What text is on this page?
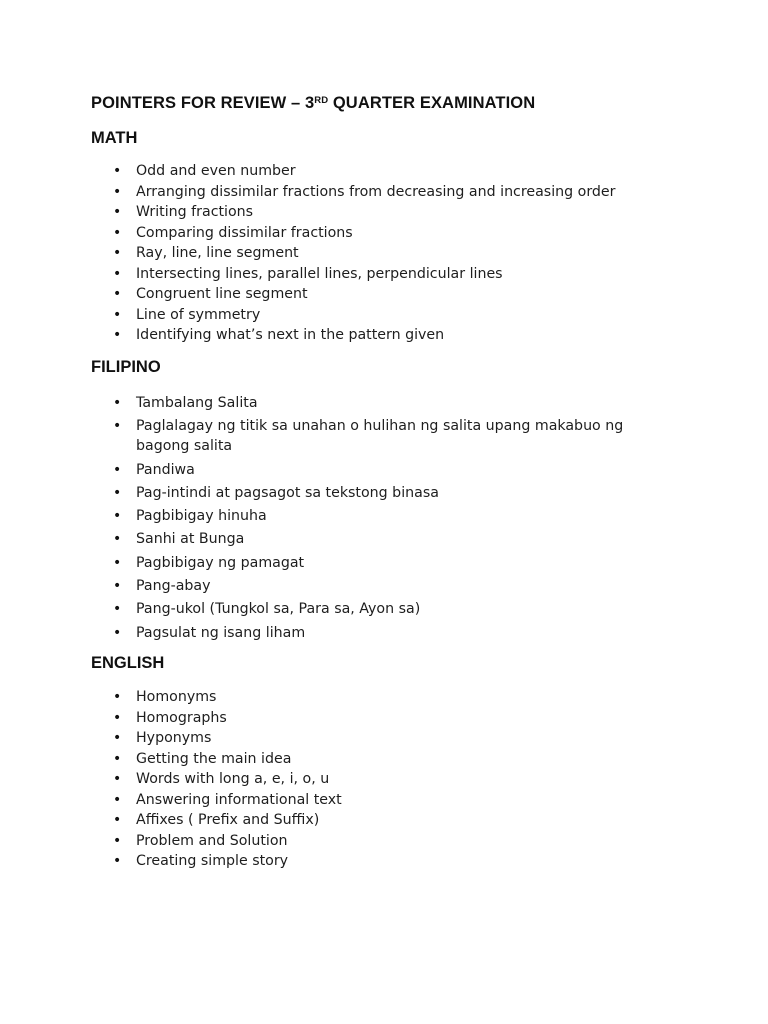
POINTERS FOR REVIEW – 3RD QUARTER EXAMINATION
MATH
• Odd and even number
• Arranging dissimilar fractions from decreasing and increasing order
• Writing fractions
• Comparing dissimilar fractions
• Ray, line, line segment
• Intersecting lines, parallel lines, perpendicular lines
• Congruent line segment
• Line of symmetry
• Identifying what’s next in the pattern given
FILIPINO
• Tambalang Salita
• Paglalagay ng titik sa unahan o hulihan ng salita upang makabuo ng bagong salita
• Pandiwa
• Pag-intindi at pagsagot sa tekstong binasa
• Pagbibigay hinuha
• Sanhi at Bunga
• Pagbibigay ng pamagat
• Pang-abay
• Pang-ukol (Tungkol sa, Para sa, Ayon sa)
• Pagsulat ng isang liham
ENGLISH
• Homonyms
• Homographs
• Hyponyms
• Getting the main idea
• Words with long a, e, i, o, u
• Answering informational text
• Affixes ( Prefix and Suffix)
• Problem and Solution
• Creating simple story
